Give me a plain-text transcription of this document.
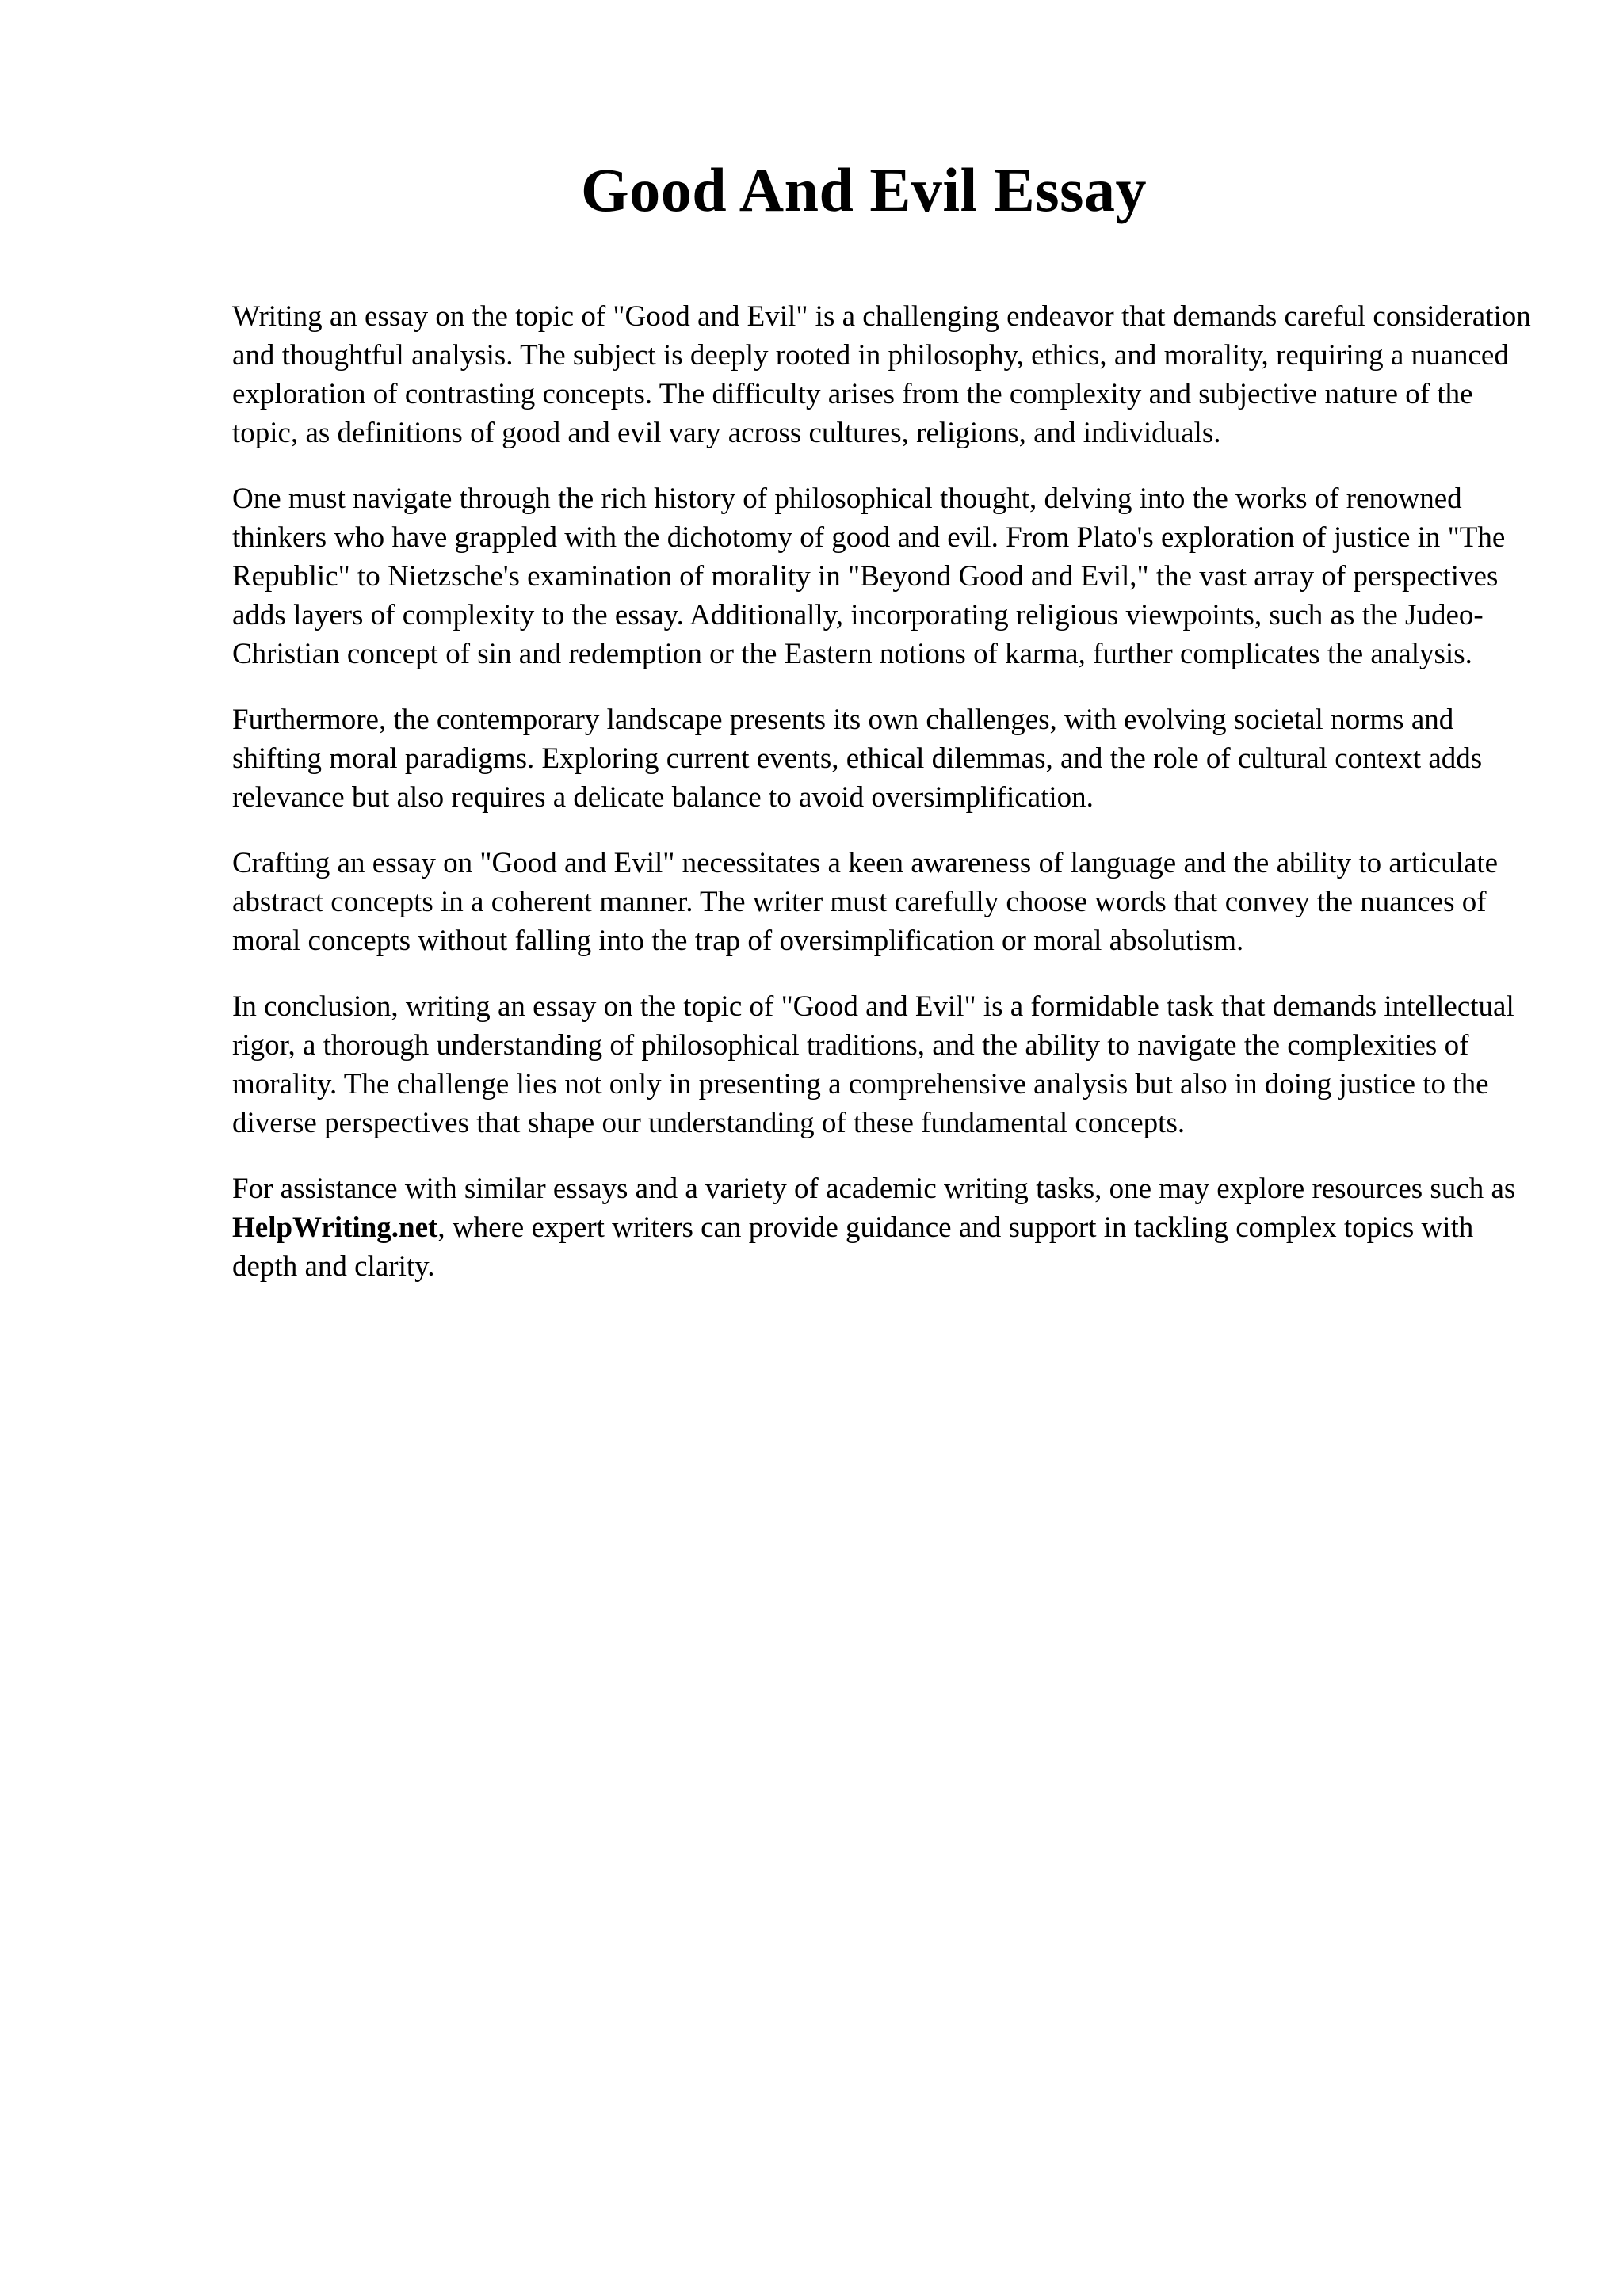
Good And Evil Essay

Writing an essay on the topic of "Good and Evil" is a challenging endeavor that demands careful consideration and thoughtful analysis. The subject is deeply rooted in philosophy, ethics, and morality, requiring a nuanced exploration of contrasting concepts. The difficulty arises from the complexity and subjective nature of the topic, as definitions of good and evil vary across cultures, religions, and individuals.

One must navigate through the rich history of philosophical thought, delving into the works of renowned thinkers who have grappled with the dichotomy of good and evil. From Plato's exploration of justice in "The Republic" to Nietzsche's examination of morality in "Beyond Good and Evil," the vast array of perspectives adds layers of complexity to the essay. Additionally, incorporating religious viewpoints, such as the Judeo-Christian concept of sin and redemption or the Eastern notions of karma, further complicates the analysis.

Furthermore, the contemporary landscape presents its own challenges, with evolving societal norms and shifting moral paradigms. Exploring current events, ethical dilemmas, and the role of cultural context adds relevance but also requires a delicate balance to avoid oversimplification.

Crafting an essay on "Good and Evil" necessitates a keen awareness of language and the ability to articulate abstract concepts in a coherent manner. The writer must carefully choose words that convey the nuances of moral concepts without falling into the trap of oversimplification or moral absolutism.

In conclusion, writing an essay on the topic of "Good and Evil" is a formidable task that demands intellectual rigor, a thorough understanding of philosophical traditions, and the ability to navigate the complexities of morality. The challenge lies not only in presenting a comprehensive analysis but also in doing justice to the diverse perspectives that shape our understanding of these fundamental concepts.

For assistance with similar essays and a variety of academic writing tasks, one may explore resources such as HelpWriting.net, where expert writers can provide guidance and support in tackling complex topics with depth and clarity.
